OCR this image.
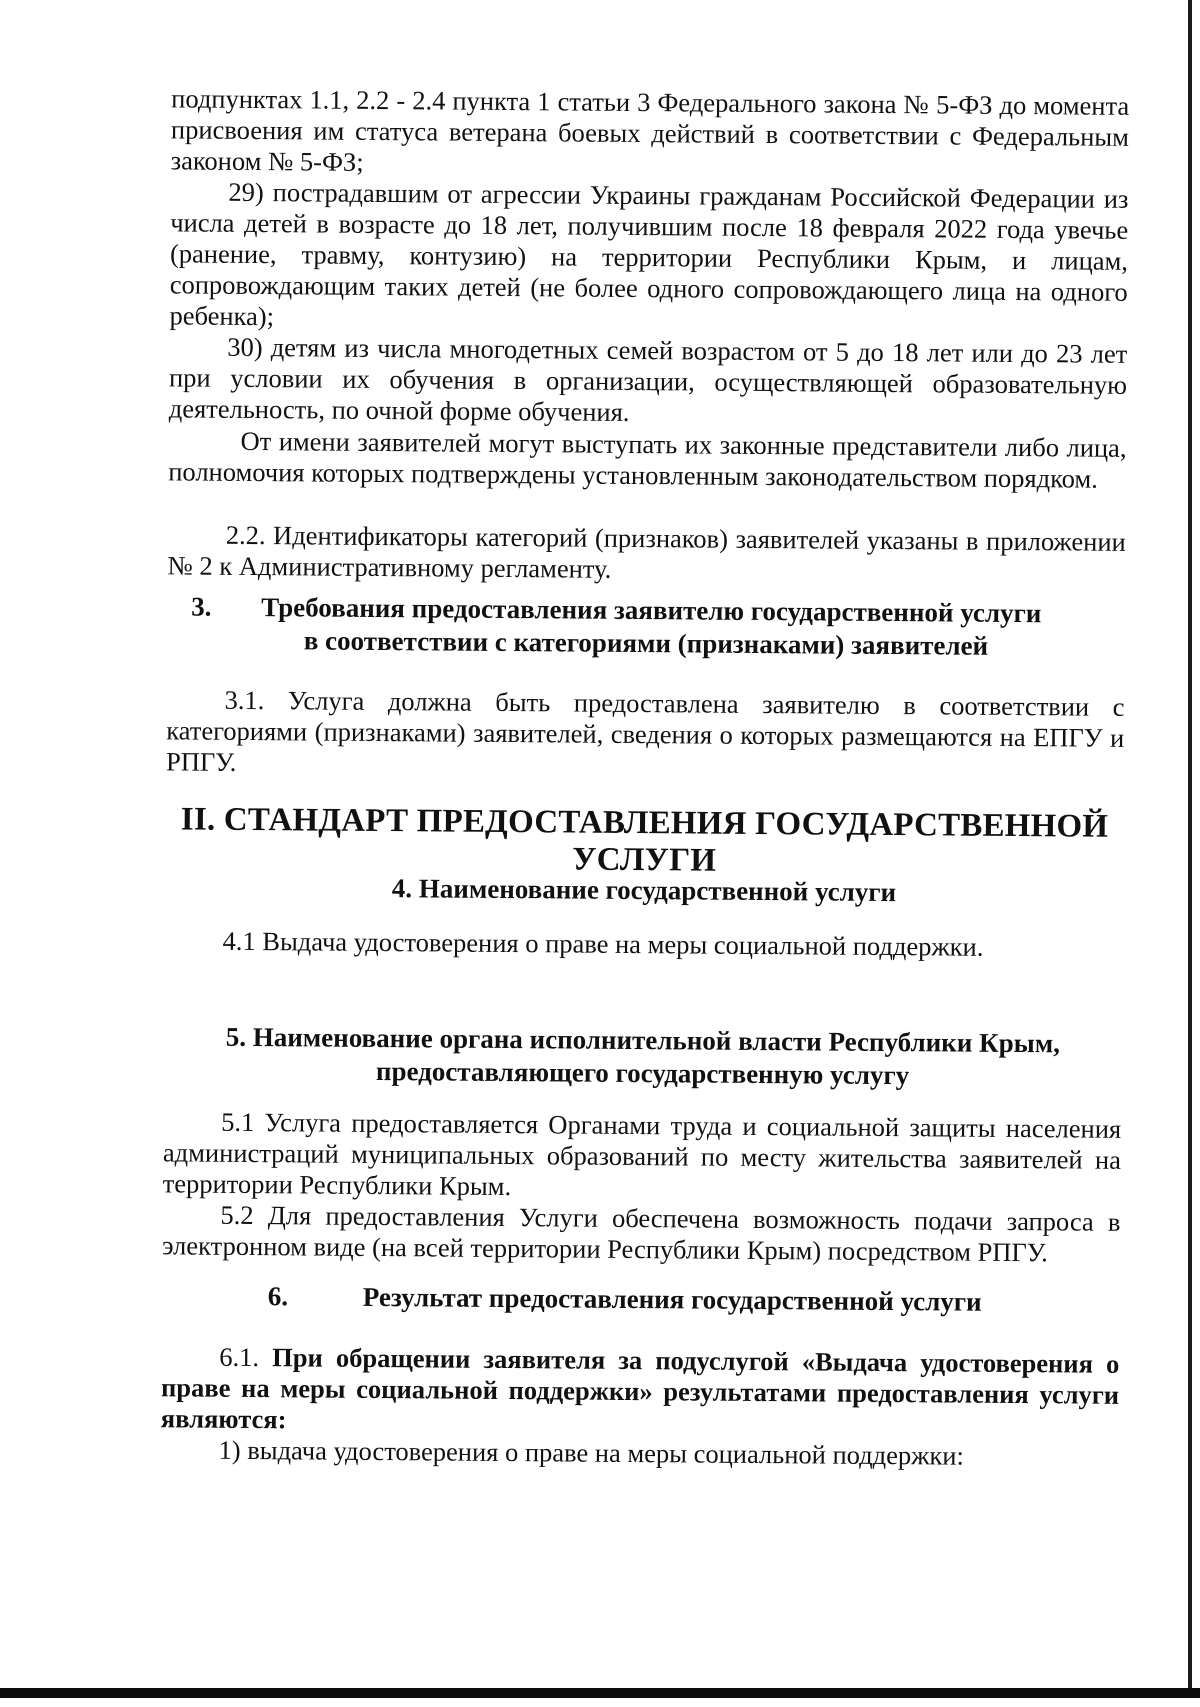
подпунктах 1.1, 2.2 - 2.4 пункта 1 статьи 3 Федерального закона № 5-ФЗ до момента присвоения им статуса ветерана боевых действий в соответствии с Федеральным законом № 5-ФЗ;

29) пострадавшим от агрессии Украины гражданам Российской Федерации из числа детей в возрасте до 18 лет, получившим после 18 февраля 2022 года увечье (ранение, травму, контузию) на территории Республики Крым, и лицам, сопровождающим таких детей (не более одного сопровождающего лица на одного ребенка);

30) детям из числа многодетных семей возрастом от 5 до 18 лет или до 23 лет при условии их обучения в организации, осуществляющей образовательную деятельность, по очной форме обучения.

От имени заявителей могут выступать их законные представители либо лица, полномочия которых подтверждены установленным законодательством порядком.

2.2. Идентификаторы категорий (признаков) заявителей указаны в приложении № 2 к Административному регламенту.

3. Требования предоставления заявителю государственной услуги
в соответствии с категориями (признаками) заявителей

3.1. Услуга должна быть предоставлена заявителю в соответствии с категориями (признаками) заявителей, сведения о которых размещаются на ЕПГУ и РПГУ.

II. СТАНДАРТ ПРЕДОСТАВЛЕНИЯ ГОСУДАРСТВЕННОЙ УСЛУГИ
4. Наименование государственной услуги

4.1 Выдача удостоверения о праве на меры социальной поддержки.

5. Наименование органа исполнительной власти Республики Крым,
предоставляющего государственную услугу

5.1 Услуга предоставляется Органами труда и социальной защиты населения администраций муниципальных образований по месту жительства заявителей на территории Республики Крым.

5.2 Для предоставления Услуги обеспечена возможность подачи запроса в электронном виде (на всей территории Республики Крым) посредством РПГУ.

6.	Результат предоставления государственной услуги

6.1. При обращении заявителя за подуслугой «Выдача удостоверения о праве на меры социальной поддержки» результатами предоставления услуги являются:

1) выдача удостоверения о праве на меры социальной поддержки:
